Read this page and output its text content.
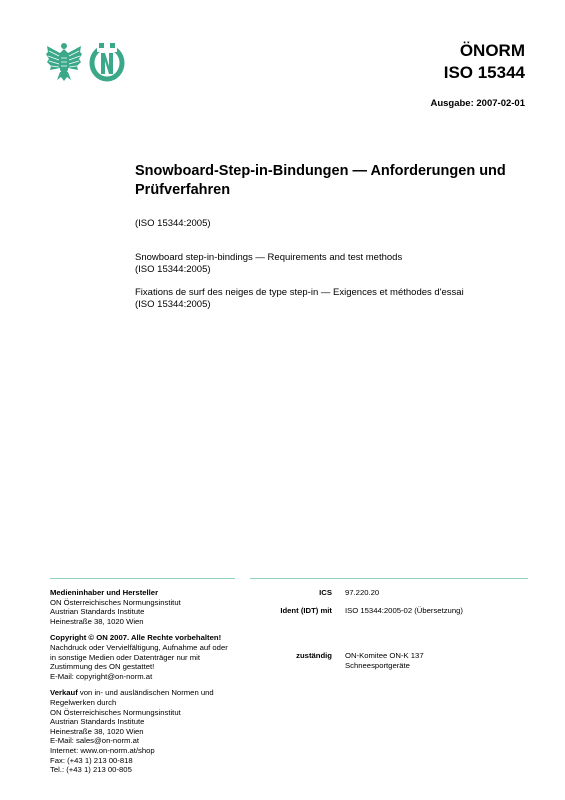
ÖNORM
ISO 15344
Ausgabe: 2007-02-01
Snowboard-Step-in-Bindungen — Anforderungen und Prüfverfahren
(ISO 15344:2005)
Snowboard step-in-bindings — Requirements and test methods
(ISO 15344:2005)
Fixations de surf des neiges de type step-in — Exigences et méthodes d'essai
(ISO 15344:2005)
Medieninhaber und Hersteller
ON Österreichisches Normungsinstitut
Austrian Standards Institute
Heinestraße 38, 1020 Wien
Copyright © ON 2007. Alle Rechte vorbehalten!
Nachdruck oder Vervielfältigung, Aufnahme auf oder
in sonstige Medien oder Datenträger nur mit
Zustimmung des ON gestattet!
E-Mail: copyright@on-norm.at
Verkauf von in- und ausländischen Normen und
Regelwerken durch
ON Österreichisches Normungsinstitut
Austrian Standards Institute
Heinestraße 38, 1020 Wien
E-Mail: sales@on-norm.at
Internet: www.on-norm.at/shop
Fax: (+43 1) 213 00-818
Tel.: (+43 1) 213 00-805
ICS 97.220.20
Ident (IDT) mit ISO 15344:2005-02 (Übersetzung)
zuständig ON-Komitee ON-K 137
Schneesportgeräte
